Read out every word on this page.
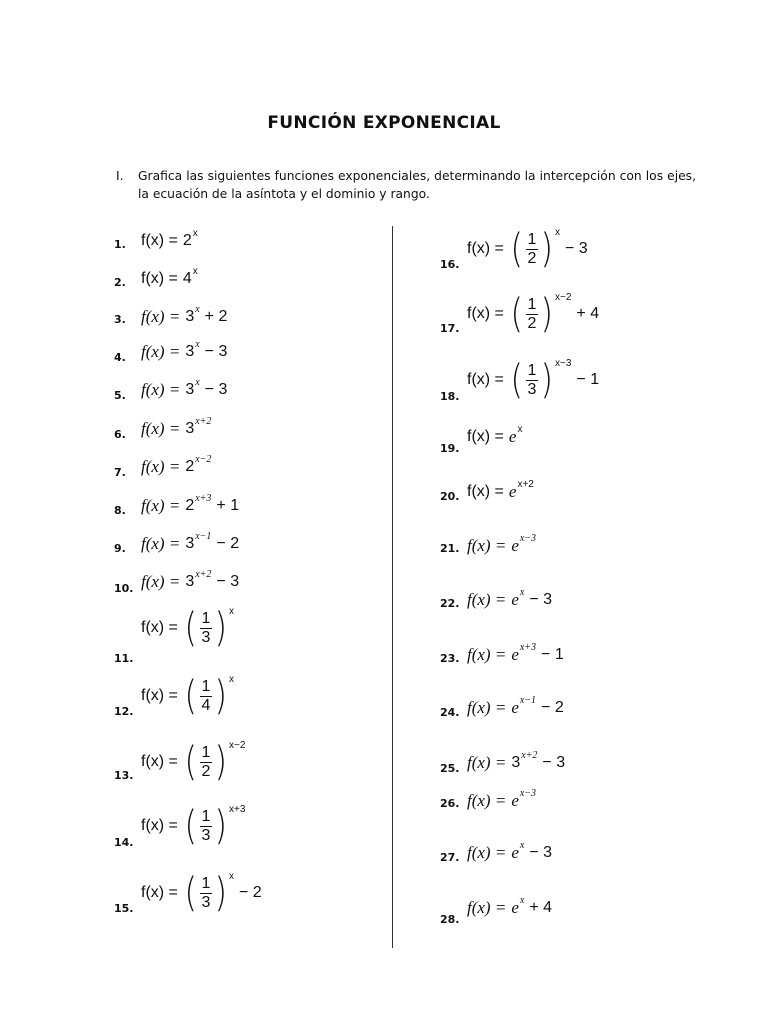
FUNCIÓN EXPONENCIAL
I. Grafica las siguientes funciones exponenciales, determinando la intercepción con los ejes, la ecuación de la asíntota y el dominio y rango.
1. f(x) = 2 x
2. f(x) = 4 x
3. f(x) = 3 x + 2
4. f(x) = 3 x − 3
5. f(x) = 3 x − 3
6. f(x) = 3 x+2
7. f(x) = 2 x−2
8. f(x) = 2 x+3 + 1
9. f(x) = 3 x−1 − 2
10. f(x) = 3 x+2 − 3
11.
f(x) = ( $\frac{1}{3}$ ) x
12.
f(x) = ( $\frac{1}{4}$ ) x
13.
f(x) = ( $\frac{1}{2}$ ) x−2
14.
f(x) = ( $\frac{1}{3}$ ) x+3
15.
f(x) = ( $\frac{1}{3}$ ) x
− 2
16.
f(x) = ( $\frac{1}{2}$ ) x
− 3
17.
f(x) = ( $\frac{1}{2}$ ) x−2
+ 4
18.
f(x) = ( $\frac{1}{3}$ ) x−3
− 1
19.
f(x) = e x
20. f(x) = e x+2
21. f(x) = e x−3
22. f(x) = e x − 3
23. f(x) = e x+3 − 1
24. f(x) = e x−1 − 2
25. f(x) = 3 x+2 − 3
26. f(x) = e x−3
27. f(x) = e x − 3
28.
f(x) = e x + 4
